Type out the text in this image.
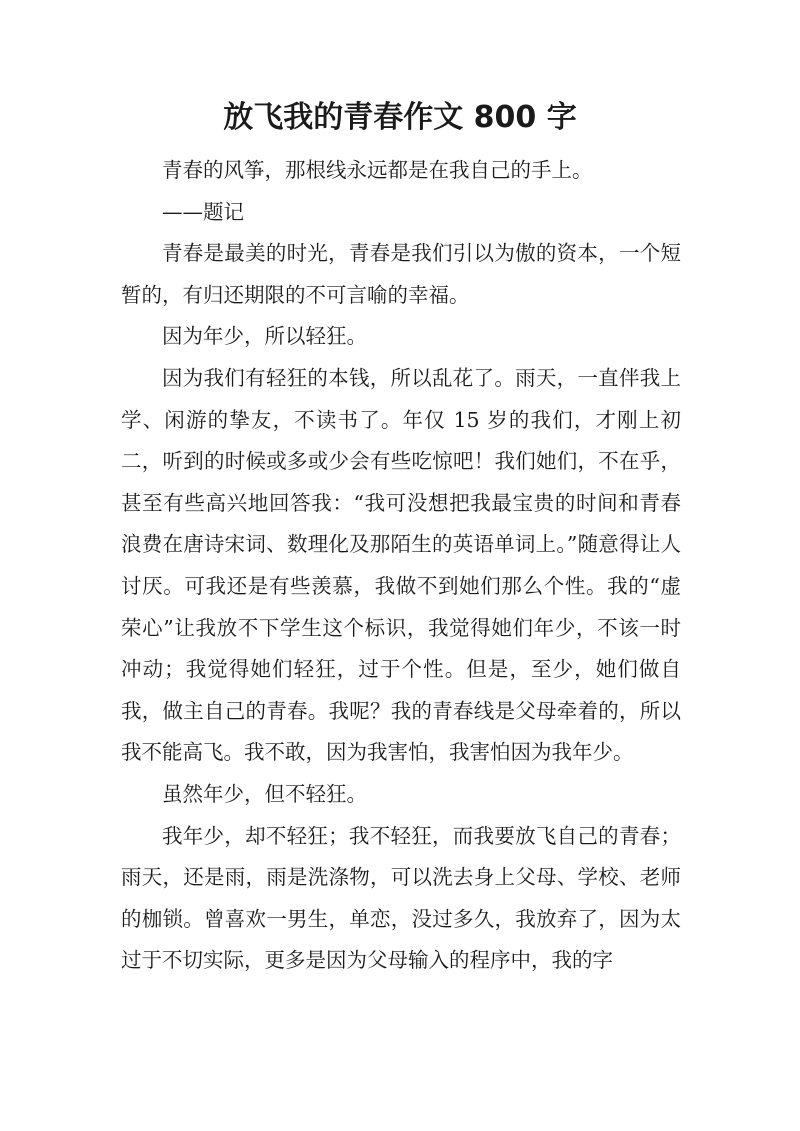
放飞我的青春作文 800 字

青春的风筝，那根线永远都是在我自己的手上。

——题记

青春是最美的时光，青春是我们引以为傲的资本，一个短暂的，有归还期限的不可言喻的幸福。

因为年少，所以轻狂。

因为我们有轻狂的本钱，所以乱花了。雨天，一直伴我上学、闲游的挚友，不读书了。年仅 15 岁的我们，才刚上初二，听到的时候或多或少会有些吃惊吧！我们她们，不在乎，甚至有些高兴地回答我：“我可没想把我最宝贵的时间和青春浪费在唐诗宋词、数理化及那陌生的英语单词上。”随意得让人讨厌。可我还是有些羡慕，我做不到她们那么个性。我的“虚荣心”让我放不下学生这个标识，我觉得她们年少，不该一时冲动；我觉得她们轻狂，过于个性。但是，至少，她们做自我，做主自己的青春。我呢？我的青春线是父母牵着的，所以我不能高飞。我不敢，因为我害怕，我害怕因为我年少。

虽然年少，但不轻狂。

我年少，却不轻狂；我不轻狂，而我要放飞自己的青春；雨天，还是雨，雨是洗涤物，可以洗去身上父母、学校、老师的枷锁。曾喜欢一男生，单恋，没过多久，我放弃了，因为太过于不切实际，更多是因为父母输入的程序中，我的字
